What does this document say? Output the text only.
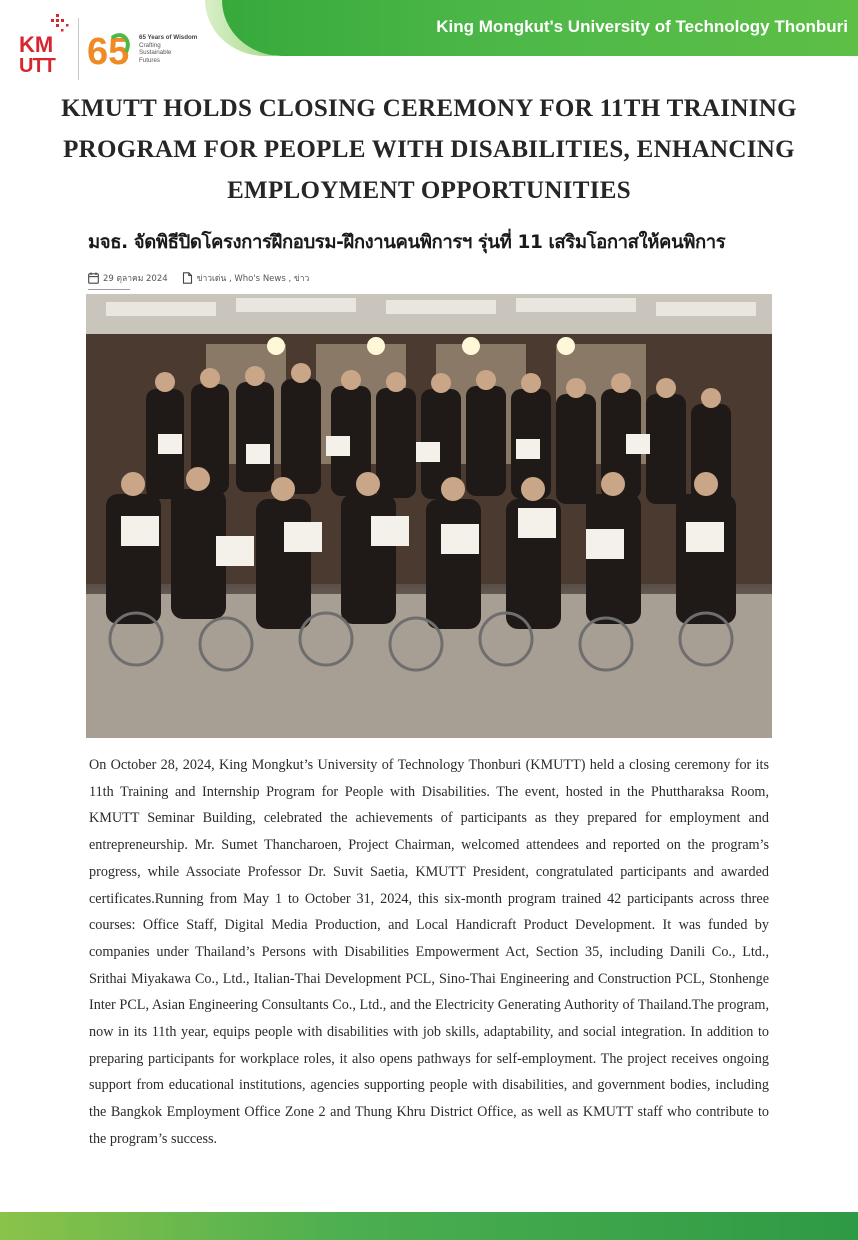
King Mongkut's University of Technology Thonburi
KM
UTT 65 65 Years of Wisdom
Crafting
Sustainable
Futures
KMUTT HOLDS CLOSING CEREMONY FOR 11TH TRAINING PROGRAM FOR PEOPLE WITH DISABILITIES, ENHANCING EMPLOYMENT OPPORTUNITIES
มจธ. จัดพิธีปิดโครงการฝึกอบรม-ฝึกงานคนพิการฯ รุ่นที่ 11 เสริมโอกาสให้คนพิการ
29 ตุลาคม 2024	ข่าวเด่น , Who's News , ข่าว

On October 28, 2024, King Mongkut’s University of Technology Thonburi (KMUTT) held a closing ceremony for its 11th Training and Internship Program for People with Disabilities. The event, hosted in the Phuttharaksa Room, KMUTT Seminar Building, celebrated the achievements of participants as they prepared for employment and entrepreneurship. Mr. Sumet Thancharoen, Project Chairman, welcomed attendees and reported on the program’s progress, while Associate Professor Dr. Suvit Saetia, KMUTT President, congratulated participants and awarded certificates.Running from May 1 to October 31, 2024, this six-month program trained 42 participants across three courses: Office Staff, Digital Media Production, and Local Handicraft Product Development. It was funded by companies under Thailand’s Persons with Disabilities Empowerment Act, Section 35, including Danili Co., Ltd., Srithai Miyakawa Co., Ltd., Italian-Thai Development PCL, Sino-Thai Engineering and Construction PCL, Stonhenge Inter PCL, Asian Engineering Consultants Co., Ltd., and the Electricity Generating Authority of Thailand.The program, now in its 11th year, equips people with disabilities with job skills, adaptability, and social integration. In addition to preparing participants for workplace roles, it also opens pathways for self-employment. The project receives ongoing support from educational institutions, agencies supporting people with disabilities, and government bodies, including the Bangkok Employment Office Zone 2 and Thung Khru District Office, as well as KMUTT staff who contribute to the program’s success.
